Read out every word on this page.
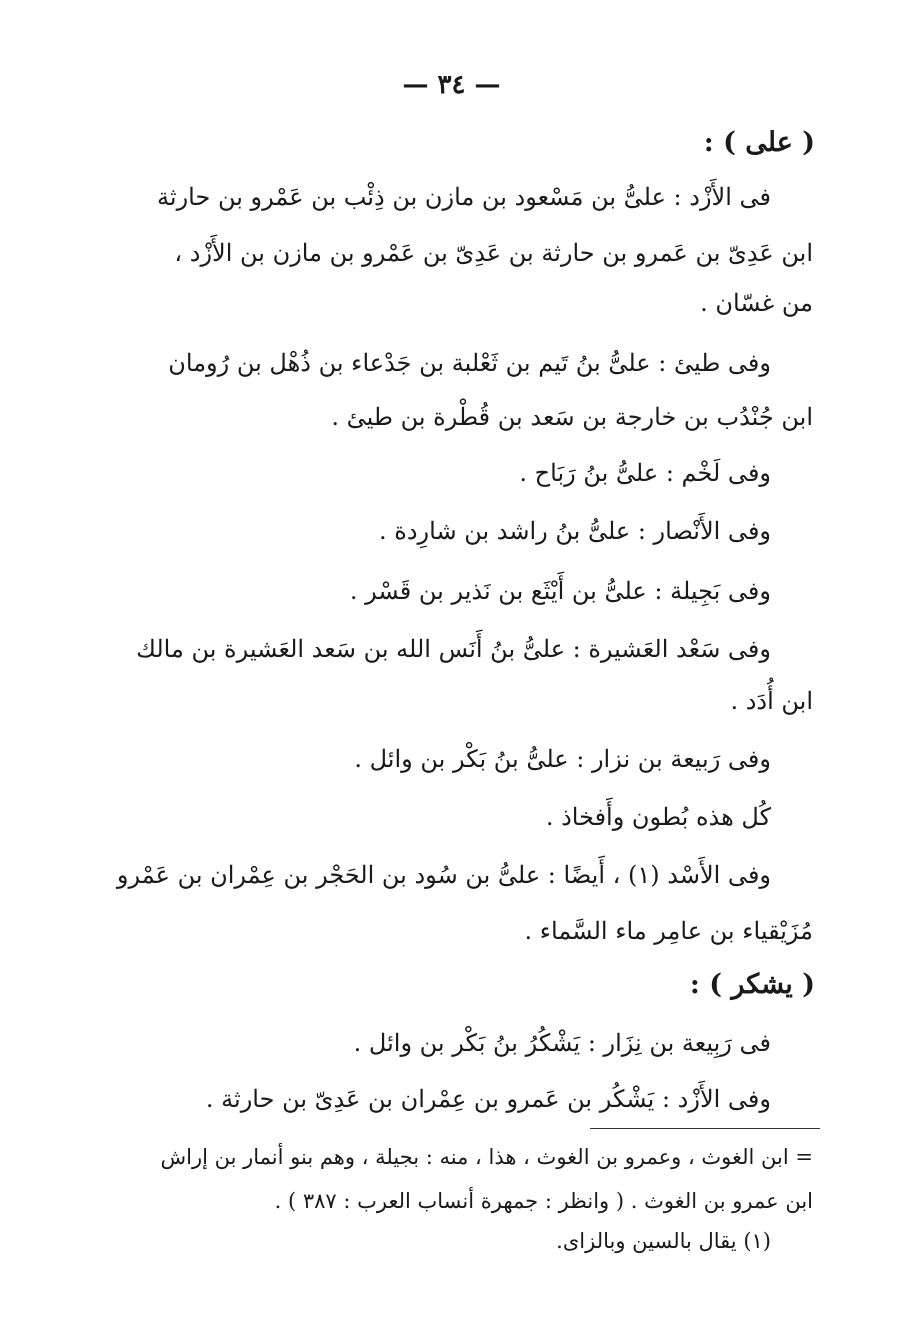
— ٣٤ —
( على ) :
فى الأَزْد : علىُّ بن مَسْعود بن مازن بن ذِئْب بن عَمْرو بن حارثة
ابن عَدِىّ بن عَمرو بن حارثة بن عَدِىّ بن عَمْرو بن مازن بن الأَزْد ،
من غسّان .
وفى طيئ : علىُّ بنُ تَيم بن ثَعْلبة بن جَدْعاء بن ذُهْل بن رُومان
ابن جُنْدُب بن خارجة بن سَعد بن قُطْرة بن طيئ .
وفى لَخْم : علىُّ بنُ رَبَاح .
وفى الأَنْصار : علىُّ بنُ راشد بن شارِدة .
وفى بَجِيلة : علىُّ بن أَيْثَع بن نَذير بن قَسْر .
وفى سَعْد العَشيرة : علىُّ بنُ أَنَس الله بن سَعد العَشيرة بن مالك
ابن أُدَد .
وفى رَبيعة بن نزار : علىُّ بنُ بَكْر بن وائل .
كُل هذه بُطون وأَفخاذ .
وفى الأَسْد (١) ، أَيضًا : علىُّ بن سُود بن الحَجْر بن عِمْران بن عَمْرو
مُزَيْقياء بن عامِر ماء السَّماء .
( يشكر ) :
فى رَبِيعة بن نِزَار : يَشْكُرُ بنُ بَكْر بن وائل .
وفى الأَزْد : يَشْكُر بن عَمرو بن عِمْران بن عَدِىّ بن حارثة .
= ابن الغوث ، وعمرو بن الغوث ، هذا ، منه : بجيلة ، وهم بنو أنمار بن إراش
ابن عمرو بن الغوث . ( وانظر : جمهرة أنساب العرب : ٣٨٧ ) .
(١) يقال بالسين وبالزاى.
